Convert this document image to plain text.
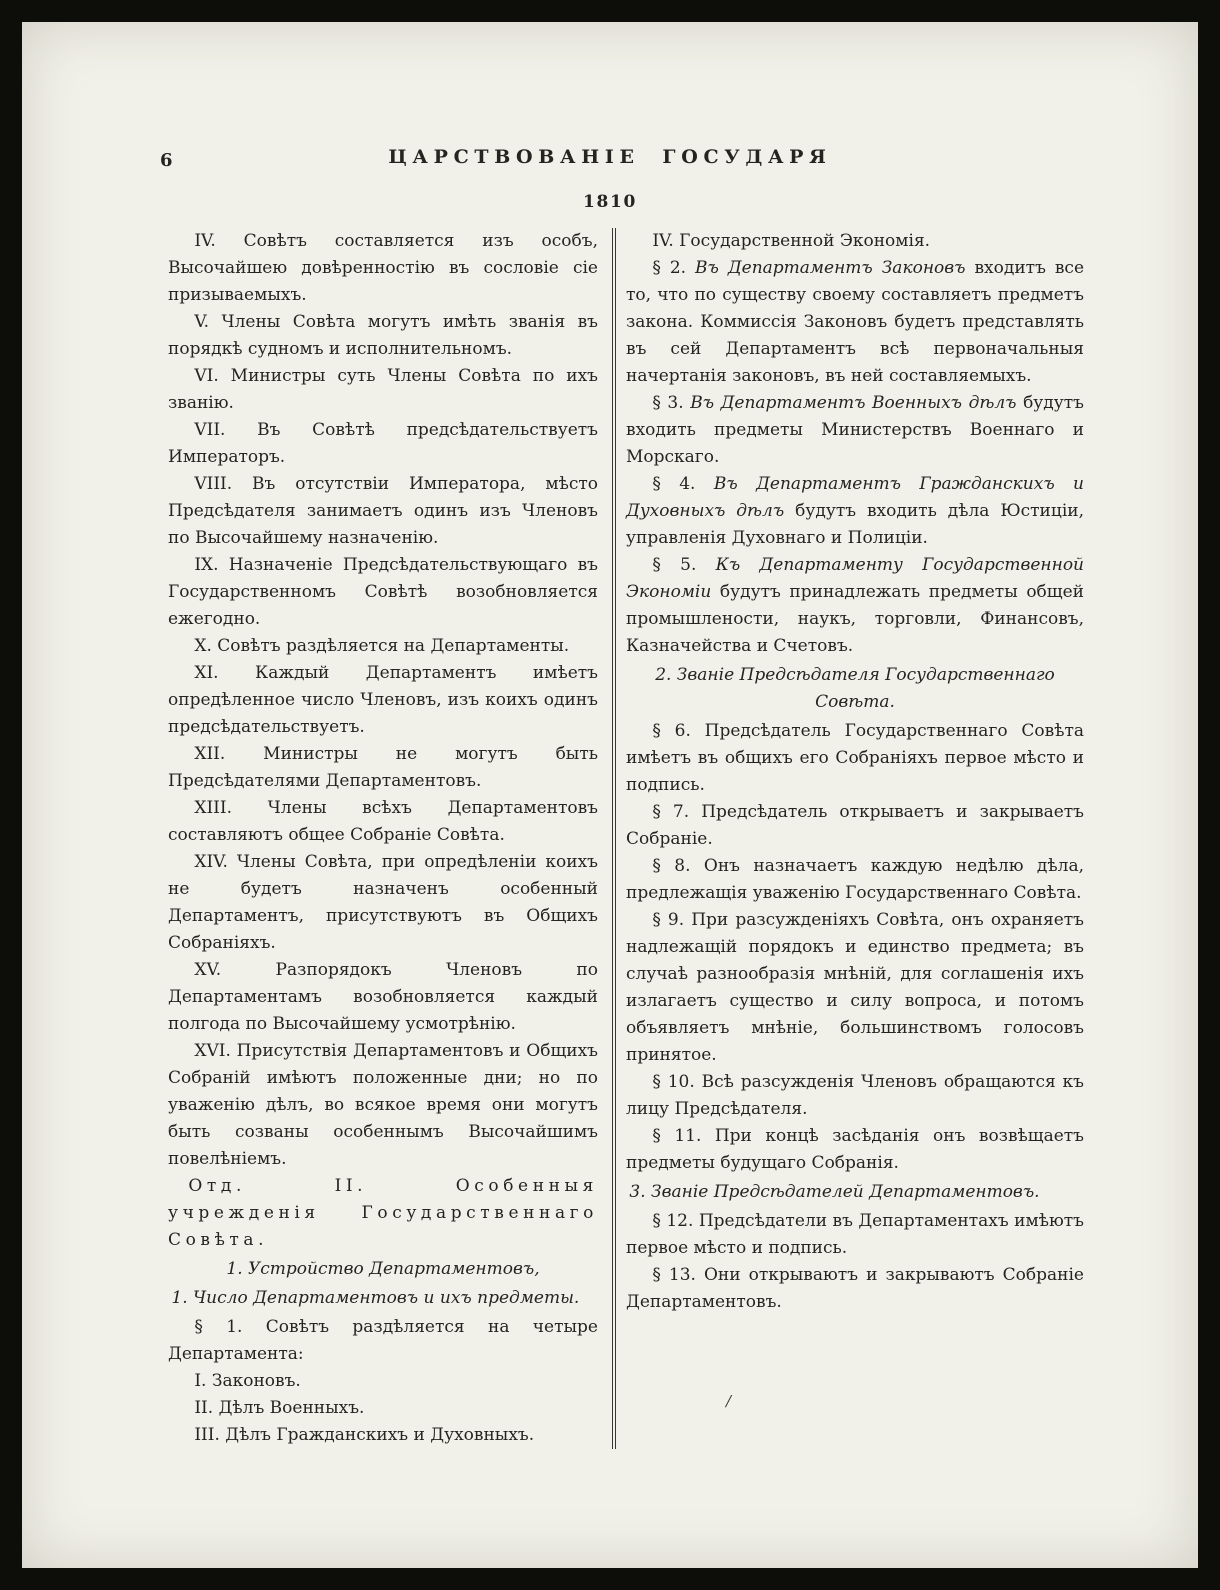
6	ЦАРСТВОВАНІЕ ГОСУДАРЯ
1810

IV. Совѣтъ составляется изъ особъ, Высочайшею довѣренностію въ сословіе сіе призываемыхъ.

V. Члены Совѣта могутъ имѣть званія въ порядкѣ судномъ и исполнительномъ.

VI. Министры суть Члены Совѣта по ихъ званію.

VII. Въ Совѣтѣ предсѣдательствуетъ Императоръ.

VIII. Въ отсутствіи Императора, мѣсто Предсѣдателя занимаетъ одинъ изъ Членовъ по Высочайшему назначенію.

IX. Назначеніе Предсѣдательствующаго въ Государственномъ Совѣтѣ возобновляется ежегодно.

X. Совѣтъ раздѣляется на Департаменты.

XI. Каждый Департаментъ имѣетъ опредѣленное число Членовъ, изъ коихъ одинъ предсѣдательствуетъ.

XII. Министры не могутъ быть Предсѣдателями Департаментовъ.

XIII. Члены всѣхъ Департаментовъ составляютъ общее Собраніе Совѣта.

XIV. Члены Совѣта, при опредѣленіи коихъ не будетъ назначенъ особенный Департаментъ, присутствуютъ въ Общихъ Собраніяхъ.

XV. Разпорядокъ Членовъ по Департаментамъ возобновляется каждый полгода по Высочайшему усмотрѣнію.

XVI. Присутствія Департаментовъ и Общихъ Собраній имѣютъ положенные дни; но по уваженію дѣлъ, во всякое время они могутъ быть созваны особеннымъ Высочайшимъ повелѣніемъ.

Отд. II. Особенныя учрежденія Государственнаго Совѣта.

1. Устройство Департаментовъ,

1. Число Департаментовъ и ихъ предметы.

§ 1. Совѣтъ раздѣляется на четыре Департамента:

I. Законовъ.

II. Дѣлъ Военныхъ.

III. Дѣлъ Гражданскихъ и Духовныхъ.

IV. Государственной Экономія.

§ 2. Въ Департаментъ Законовъ входитъ все то, что по существу своему составляетъ предметъ закона. Коммиссія Законовъ будетъ представлять въ сей Департаментъ всѣ первоначальныя начертанія законовъ, въ ней составляемыхъ.

§ 3. Въ Департаментъ Военныхъ дѣлъ будутъ входить предметы Министерствъ Военнаго и Морскаго.

§ 4. Въ Департаментъ Гражданскихъ и Духовныхъ дѣлъ будутъ входить дѣла Юстиціи, управленія Духовнаго и Полиціи.

§ 5. Къ Департаменту Государственной Экономіи будутъ принадлежать предметы общей промышлености, наукъ, торговли, Финансовъ, Казначейства и Счетовъ.

2. Званіе Предсѣдателя Государственнаго Совѣта.

§ 6. Предсѣдатель Государственнаго Совѣта имѣетъ въ общихъ его Собраніяхъ первое мѣсто и подпись.

§ 7. Предсѣдатель открываетъ и закрываетъ Собраніе.

§ 8. Онъ назначаетъ каждую недѣлю дѣла, предлежащія уваженію Государственнаго Совѣта.

§ 9. При разсужденіяхъ Совѣта, онъ охраняетъ надлежащій порядокъ и единство предмета; въ случаѣ разнообразія мнѣній, для соглашенія ихъ излагаетъ существо и силу вопроса, и потомъ объявляетъ мнѣніе, большинствомъ голосовъ принятое.

§ 10. Всѣ разсужденія Членовъ обращаются къ лицу Предсѣдателя.

§ 11. При концѣ засѣданія онъ возвѣщаетъ предметы будущаго Собранія.

3. Званіе Предсѣдателей Департаментовъ.

§ 12. Предсѣдатели въ Департаментахъ имѣютъ первое мѣсто и подпись.

§ 13. Они открываютъ и закрываютъ Собраніе Департаментовъ.

/
